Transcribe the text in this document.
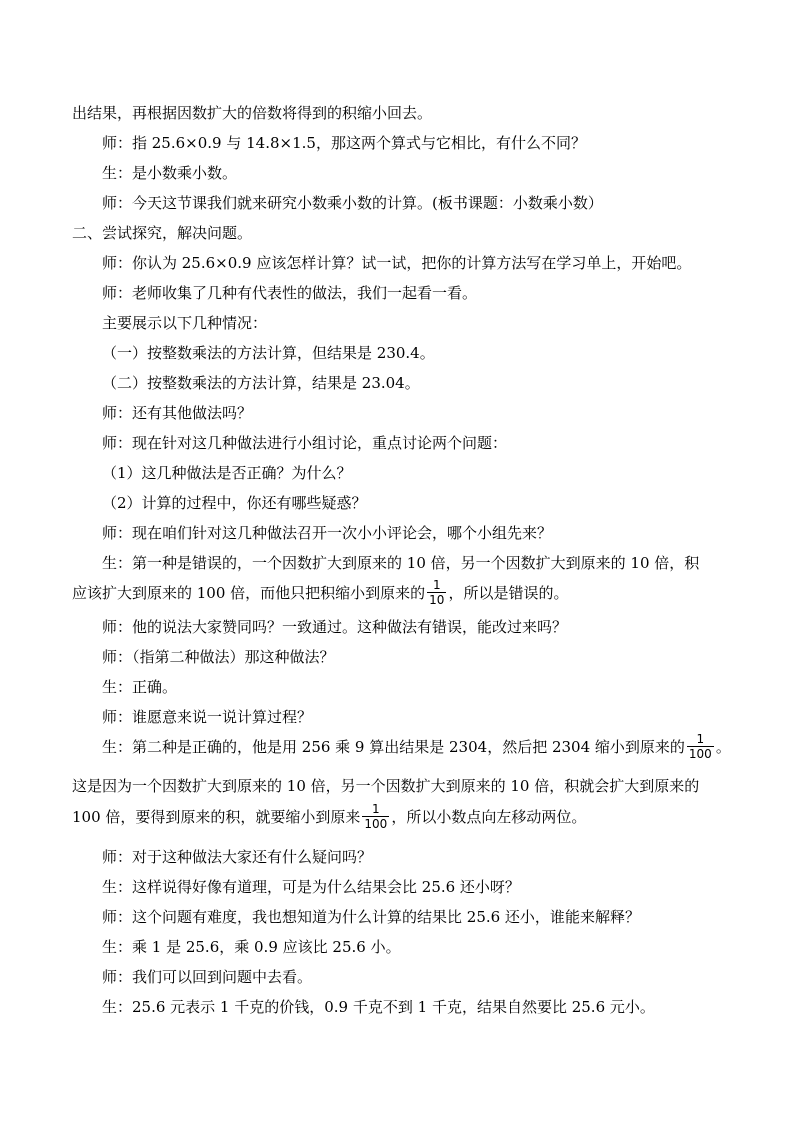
出结果，再根据因数扩大的倍数将得到的积缩小回去。
师：指 25.6×0.9 与 14.8×1.5，那这两个算式与它相比，有什么不同？
生：是小数乘小数。
师：今天这节课我们就来研究小数乘小数的计算。(板书课题：小数乘小数）
二、尝试探究，解决问题。
师：你认为 25.6×0.9 应该怎样计算？试一试，把你的计算方法写在学习单上，开始吧。
师：老师收集了几种有代表性的做法，我们一起看一看。
主要展示以下几种情况：
（一）按整数乘法的方法计算，但结果是 230.4。
（二）按整数乘法的方法计算，结果是 23.04。
师：还有其他做法吗？
师：现在针对这几种做法进行小组讨论，重点讨论两个问题：
（1）这几种做法是否正确？为什么？
（2）计算的过程中，你还有哪些疑惑？
师：现在咱们针对这几种做法召开一次小小评论会，哪个小组先来？
生：第一种是错误的，一个因数扩大到原来的 10 倍，另一个因数扩大到原来的 10 倍，积
应该扩大到原来的 100 倍，而他只把积缩小到原来的 $\frac{1}{10}$ ，所以是错误的。
师：他的说法大家赞同吗？一致通过。这种做法有错误，能改过来吗？
师：（指第二种做法）那这种做法？
生：正确。
师：谁愿意来说一说计算过程？
生：第二种是正确的，他是用 256 乘 9 算出结果是 2304，然后把 2304 缩小到原来的 $\frac{1}{100}$ 。
这是因为一个因数扩大到原来的 10 倍，另一个因数扩大到原来的 10 倍，积就会扩大到原来的
100 倍，要得到原来的积，就要缩小到原来 $\frac{1}{100}$ ，所以小数点向左移动两位。
师：对于这种做法大家还有什么疑问吗？
生：这样说得好像有道理，可是为什么结果会比 25.6 还小呀？
师：这个问题有难度，我也想知道为什么计算的结果比 25.6 还小，谁能来解释？
生：乘 1 是 25.6，乘 0.9 应该比 25.6 小。
师：我们可以回到问题中去看。
生：25.6 元表示 1 千克的价钱，0.9 千克不到 1 千克，结果自然要比 25.6 元小。
